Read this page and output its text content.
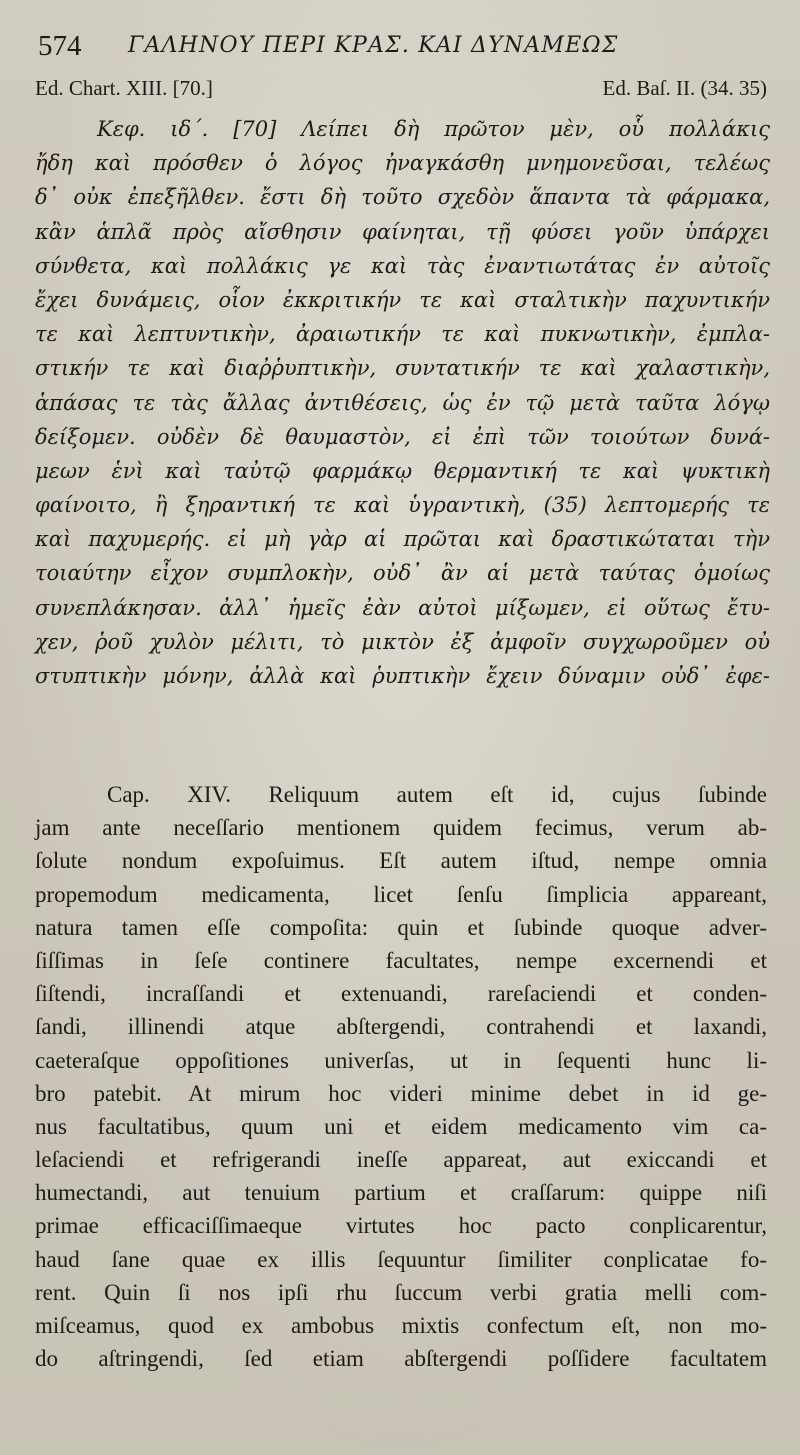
574 ΓΑΛΗΝΟΥ ΠΕΡΙ ΚΡΑΣ. ΚΑΙ ΔΥΝΑΜΕΩΣ
Ed. Chart. XIII. [70.]	Ed. Baſ. II. (34. 35)
Κεφ. ιδ΄. [70] Λείπει δὴ πρῶτον μὲν, οὗ πολλάκις
ἤδη καὶ πρόσθεν ὁ λόγος ἠναγκάσθη μνημονεῦσαι, τελέως
δ᾽ οὐκ ἐπεξῆλθεν. ἔστι δὴ τοῦτο σχεδὸν ἅπαντα τὰ φάρμακα,
κἂν ἁπλᾶ πρὸς αἴσθησιν φαίνηται, τῇ φύσει γοῦν ὑπάρχει
σύνθετα, καὶ πολλάκις γε καὶ τὰς ἐναντιωτάτας ἐν αὐτοῖς
ἔχει δυνάμεις, οἷον ἐκκριτικήν τε καὶ σταλτικὴν παχυντικήν
τε καὶ λεπτυντικὴν, ἀραιωτικήν τε καὶ πυκνωτικὴν, ἐμπλα-
στικήν τε καὶ διαῤῥυπτικὴν, συντατικήν τε καὶ χαλαστικὴν,
ἁπάσας τε τὰς ἄλλας ἀντιθέσεις, ὡς ἐν τῷ μετὰ ταῦτα λόγῳ
δείξομεν. οὐδὲν δὲ θαυμαστὸν, εἰ ἐπὶ τῶν τοιούτων δυνά-
μεων ἑνὶ καὶ ταὐτῷ φαρμάκῳ θερμαντική τε καὶ ψυκτικὴ
φαίνοιτο, ἢ ξηραντική τε καὶ ὑγραντικὴ, (35) λεπτομερής τε
καὶ παχυμερής. εἰ μὴ γὰρ αἱ πρῶται καὶ δραστικώταται τὴν
τοιαύτην εἶχον συμπλοκὴν, οὐδ᾽ ἂν αἱ μετὰ ταύτας ὁμοίως
συνεπλάκησαν. ἀλλ᾽ ἡμεῖς ἐὰν αὐτοὶ μίξωμεν, εἰ οὕτως ἔτυ-
χεν, ῥοῦ χυλὸν μέλιτι, τὸ μικτὸν ἐξ ἀμφοῖν συγχωροῦμεν οὐ
στυπτικὴν μόνην, ἀλλὰ καὶ ῥυπτικὴν ἔχειν δύναμιν οὐδ᾽ ἐφε-
Cap. XIV. Reliquum autem eſt id, cujus ſubinde
jam ante neceſſario mentionem quidem fecimus, verum ab-
ſolute nondum expoſuimus. Eſt autem iſtud, nempe omnia
propemodum medicamenta, licet ſenſu ſimplicia appareant,
natura tamen eſſe compoſita: quin et ſubinde quoque adver-
ſiſſimas in ſeſe continere facultates, nempe excernendi et
ſiſtendi, incraſſandi et extenuandi, rareſaciendi et conden-
ſandi, illinendi atque abſtergendi, contrahendi et laxandi,
caeteraſque oppoſitiones univerſas, ut in ſequenti hunc li-
bro patebit. At mirum hoc videri minime debet in id ge-
nus facultatibus, quum uni et eidem medicamento vim ca-
leſaciendi et refrigerandi ineſſe appareat, aut exiccandi et
humectandi, aut tenuium partium et craſſarum: quippe niſi
primae efficaciſſimaeque virtutes hoc pacto conplicarentur,
haud ſane quae ex illis ſequuntur ſimiliter conplicatae fo-
rent. Quin ſi nos ipſi rhu ſuccum verbi gratia melli com-
miſceamus, quod ex ambobus mixtis confectum eſt, non mo-
do aſtringendi, ſed etiam abſtergendi poſſidere facultatem
